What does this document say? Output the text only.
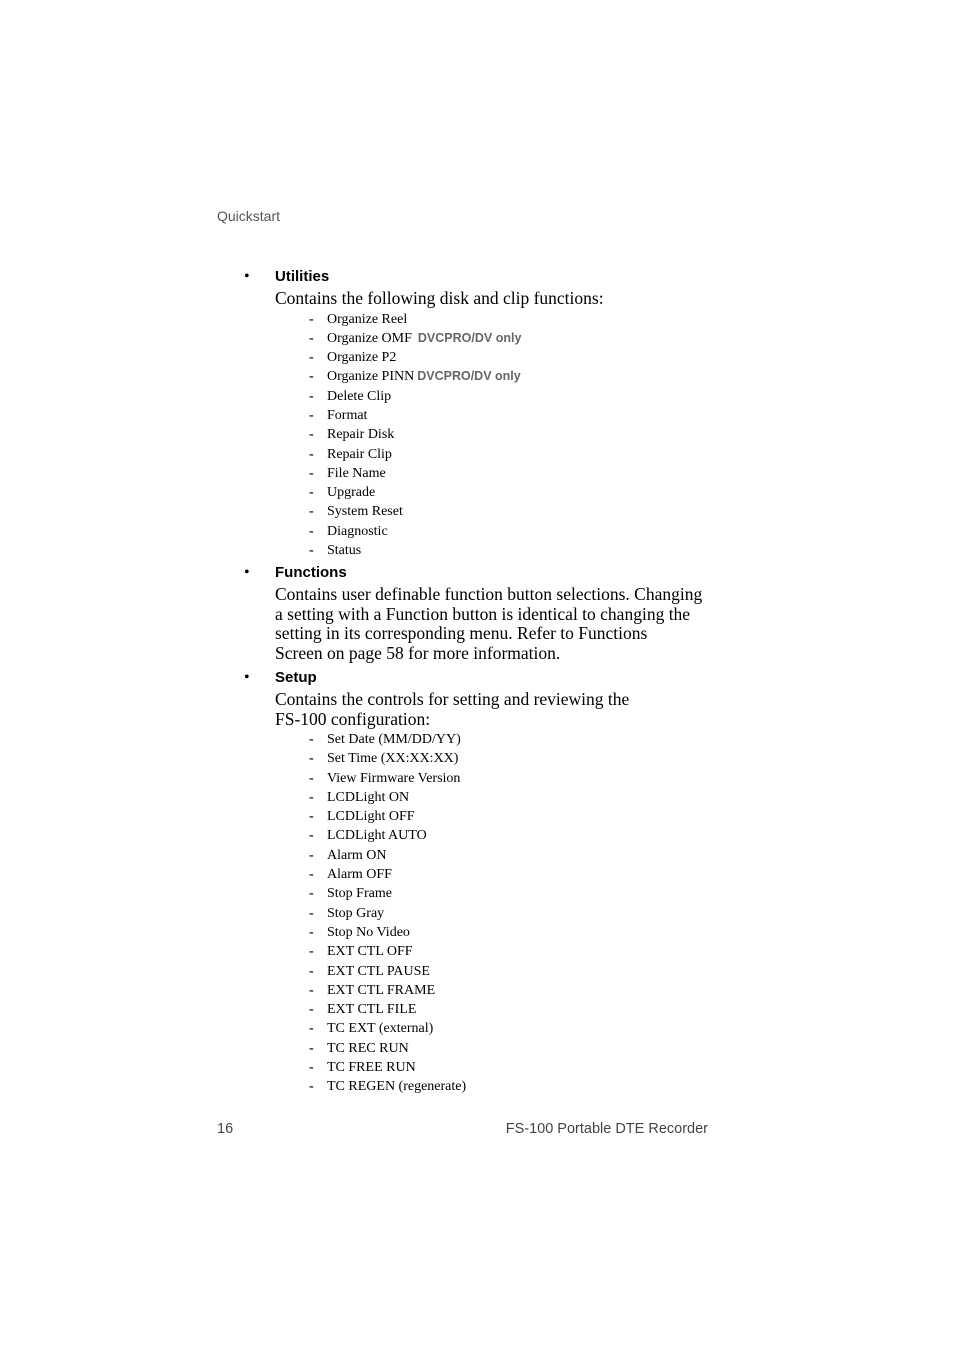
Quickstart
• Utilities
Contains the following disk and clip functions:
- Organize Reel
- Organize OMF DVCPRO/DV only
- Organize P2
- Organize PINN DVCPRO/DV only
- Delete Clip
- Format
- Repair Disk
- Repair Clip
- File Name
- Upgrade
- System Reset
- Diagnostic
- Status
• Functions
Contains user definable function button selections. Changing
a setting with a Function button is identical to changing the
setting in its corresponding menu. Refer to Functions
Screen on page 58 for more information.
• Setup
Contains the controls for setting and reviewing the
FS-100 configuration:
- Set Date (MM/DD/YY)
- Set Time (XX:XX:XX)
- View Firmware Version
- LCDLight ON
- LCDLight OFF
- LCDLight AUTO
- Alarm ON
- Alarm OFF
- Stop Frame
- Stop Gray
- Stop No Video
- EXT CTL OFF
- EXT CTL PAUSE
- EXT CTL FRAME
- EXT CTL FILE
- TC EXT (external)
- TC REC RUN
- TC FREE RUN
- TC REGEN (regenerate)
16	FS-100 Portable DTE Recorder
